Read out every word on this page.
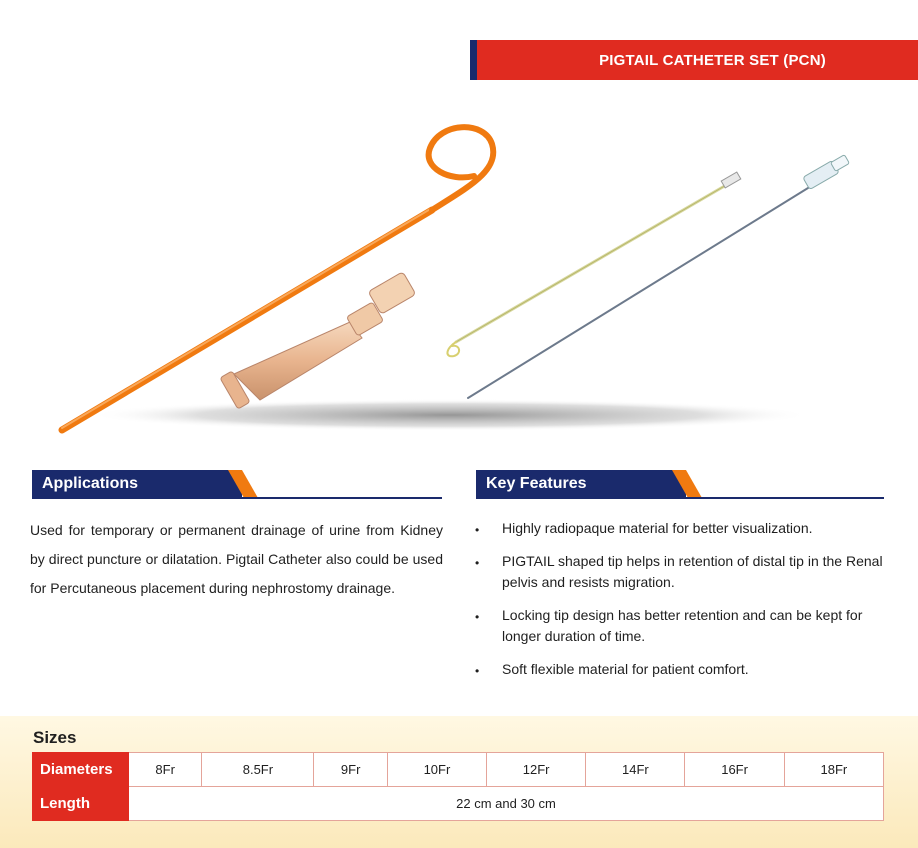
PIGTAIL CATHETER SET (PCN)
Applications
Used for temporary or permanent drainage of urine from Kidney by direct puncture or dilatation. Pigtail Catheter also could be used for Percutaneous placement during nephrostomy drainage.
Key Features
• Highly radiopaque material for better visualization.
• PIGTAIL shaped tip helps in retention of distal tip in the Renal pelvis and resists migration.
• Locking tip design has better retention and can be kept for longer duration of time.
• Soft flexible material for patient comfort.
Sizes
Diameters	8Fr	8.5Fr	9Fr	10Fr	12Fr	14Fr	16Fr	18Fr
Length	22 cm and 30 cm							
